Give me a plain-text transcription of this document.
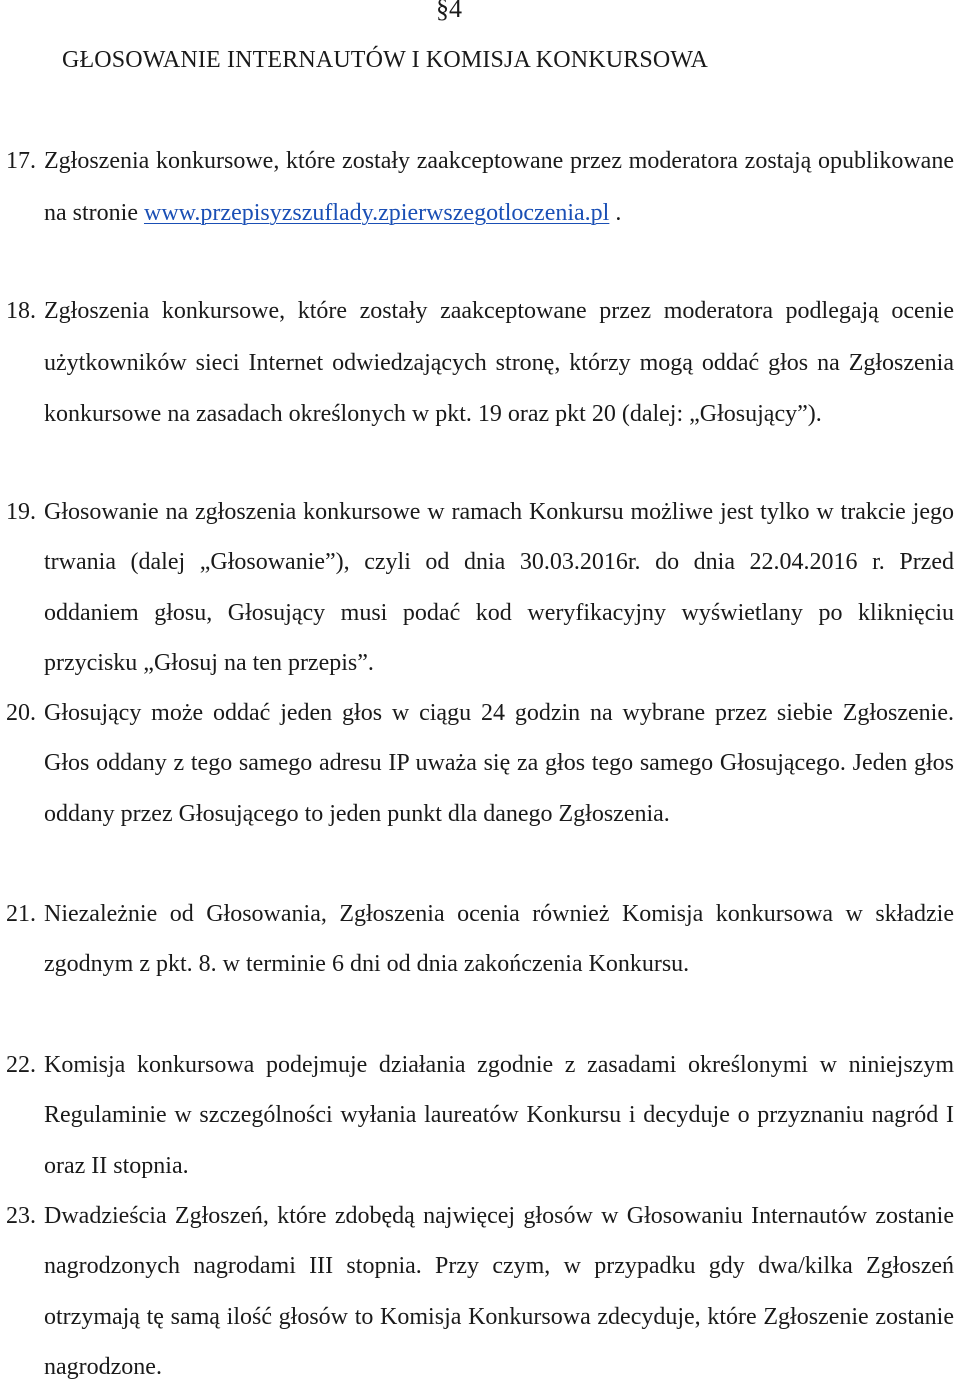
§4
GŁOSOWANIE INTERNAUTÓW I KOMISJA KONKURSOWA
17. Zgłoszenia konkursowe, które zostały zaakceptowane przez moderatora zostają opublikowane na stronie www.przepisyzszuflady.zpierwszegotloczenia.pl .
18. Zgłoszenia konkursowe, które zostały zaakceptowane przez moderatora podlegają ocenie użytkowników sieci Internet odwiedzających stronę, którzy mogą oddać głos na Zgłoszenia konkursowe na zasadach określonych w pkt. 19 oraz pkt 20 (dalej: „Głosujący”).
19. Głosowanie na zgłoszenia konkursowe w ramach Konkursu możliwe jest tylko w trakcie jego trwania (dalej „Głosowanie”), czyli od dnia 30.03.2016r. do dnia 22.04.2016 r. Przed oddaniem głosu, Głosujący musi podać kod weryfikacyjny wyświetlany po kliknięciu przycisku „Głosuj na ten przepis”.
20. Głosujący może oddać jeden głos w ciągu 24 godzin na wybrane przez siebie Zgłoszenie. Głos oddany z tego samego adresu IP uważa się za głos tego samego Głosującego. Jeden głos oddany przez Głosującego to jeden punkt dla danego Zgłoszenia.
21. Niezależnie od Głosowania, Zgłoszenia ocenia również Komisja konkursowa w składzie zgodnym z pkt. 8. w terminie 6 dni od dnia zakończenia Konkursu.
22. Komisja konkursowa podejmuje działania zgodnie z zasadami określonymi w niniejszym Regulaminie w szczególności wyłania laureatów Konkursu i decyduje o przyznaniu nagród I oraz II stopnia.
23. Dwadzieścia Zgłoszeń, które zdobędą najwięcej głosów w Głosowaniu Internautów zostanie nagrodzonych nagrodami III stopnia. Przy czym, w przypadku gdy dwa/kilka Zgłoszeń otrzymają tę samą ilość głosów to Komisja Konkursowa zdecyduje, które Zgłoszenie zostanie nagrodzone.
